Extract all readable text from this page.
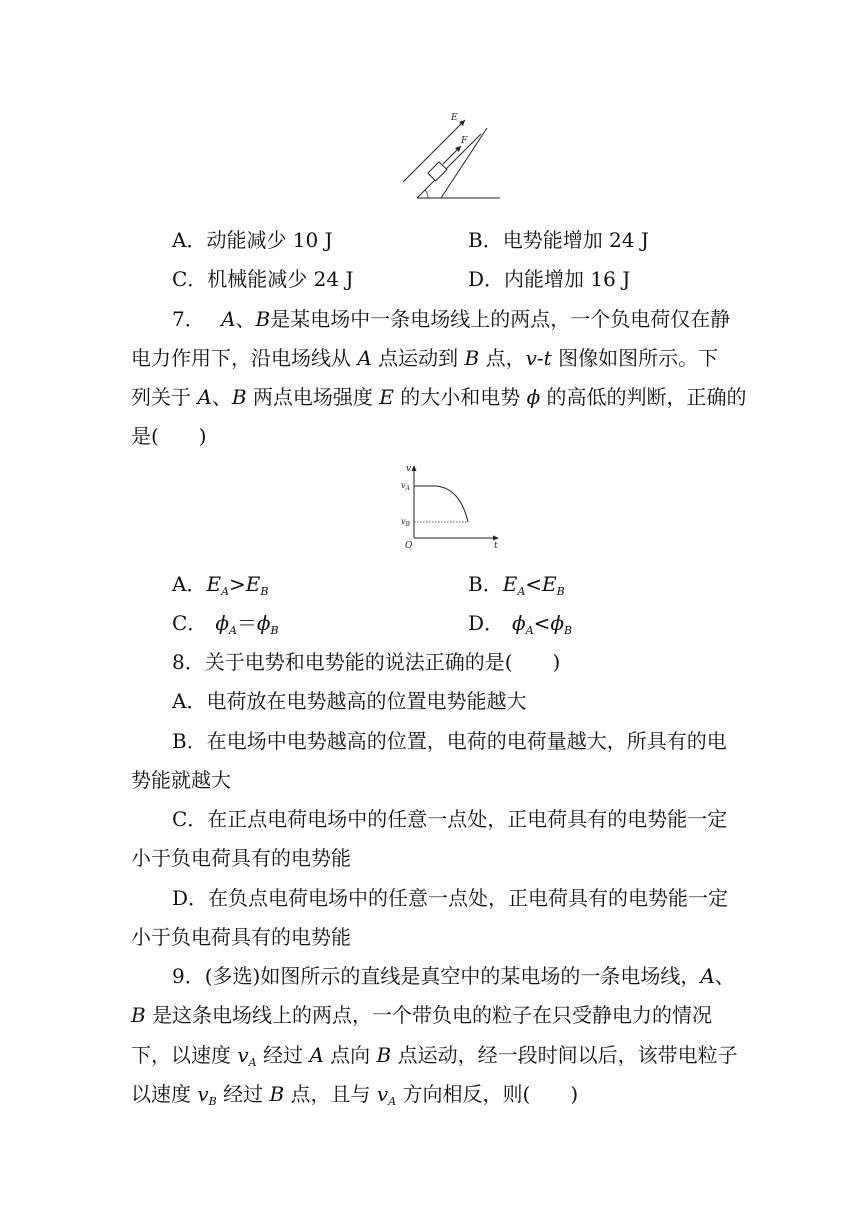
E
F
A．动能减少 10 J	B．电势能增加 24 J
C．机械能减少 24 J	D．内能增加 16 J
7． A、B是某电场中一条电场线上的两点，一个负电荷仅在静
电力作用下，沿电场线从 A 点运动到 B 点，v-t 图像如图所示。下
列关于 A、B 两点电场强度 E 的大小和电势 ϕ 的高低的判断，正确的
是(　　)
v
$v_A$
$v_B$
O	t
A．$E_A>E_B$	B．$E_A<E_B$
C． $\phi_A=\phi_B$	D． $\phi_A<\phi_B$
8．关于电势和电势能的说法正确的是(　　)
A．电荷放在电势越高的位置电势能越大
B．在电场中电势越高的位置，电荷的电荷量越大，所具有的电
势能就越大
C．在正点电荷电场中的任意一点处，正电荷具有的电势能一定
小于负电荷具有的电势能
D．在负点电荷电场中的任意一点处，正电荷具有的电势能一定
小于负电荷具有的电势能
9．(多选)如图所示的直线是真空中的某电场的一条电场线，A、
B 是这条电场线上的两点，一个带负电的粒子在只受静电力的情况
下，以速度 $v_A$ 经过 A 点向 B 点运动，经一段时间以后，该带电粒子
以速度 $v_B$ 经过 B 点，且与 $v_A$ 方向相反，则(　　)
